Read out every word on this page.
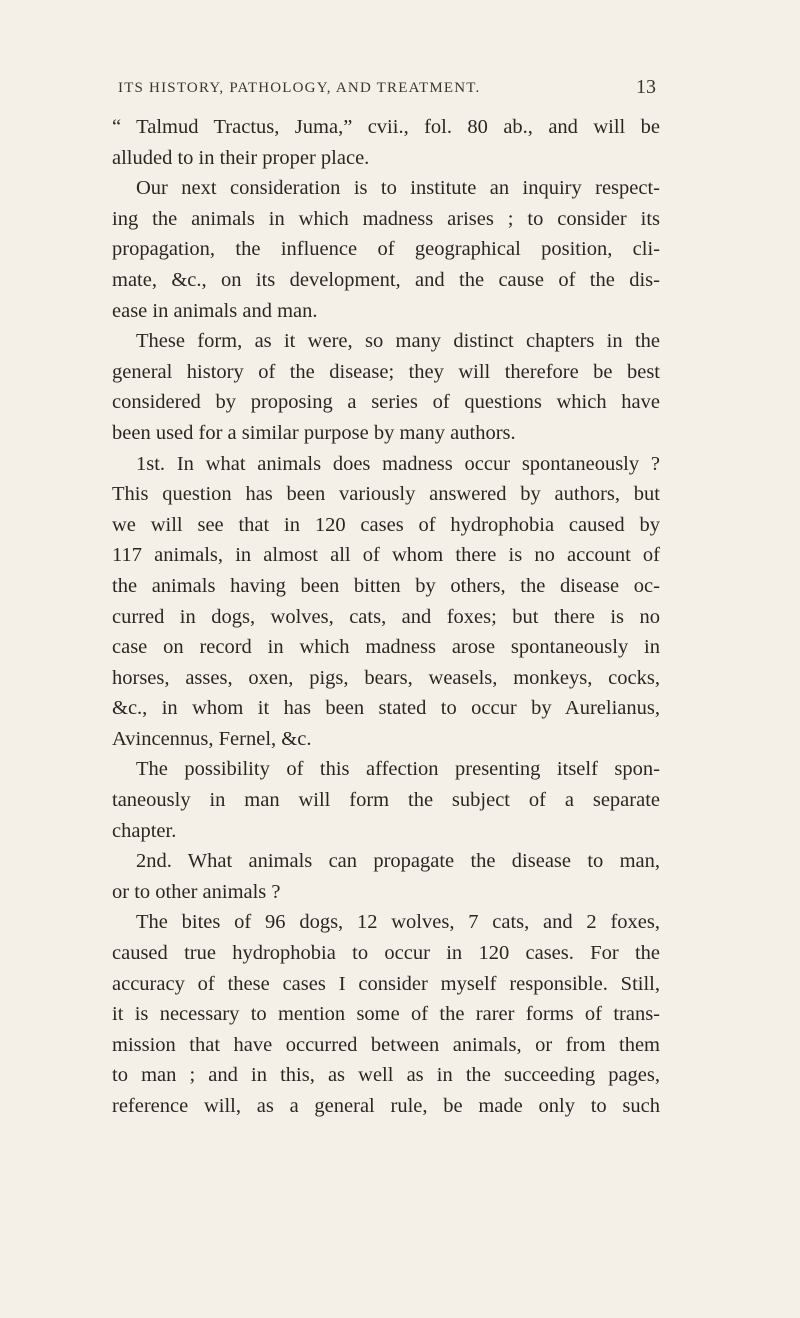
ITS HISTORY, PATHOLOGY, AND TREATMENT.	13
“ Talmud Tractus, Juma,” cvii., fol. 80 ab., and will be
alluded to in their proper place.
Our next consideration is to institute an inquiry respect-
ing the animals in which madness arises ; to consider its
propagation, the influence of geographical position, cli-
mate, &c., on its development, and the cause of the dis-
ease in animals and man.
These form, as it were, so many distinct chapters in the
general history of the disease; they will therefore be best
considered by proposing a series of questions which have
been used for a similar purpose by many authors.
1st. In what animals does madness occur spontaneously ?
This question has been variously answered by authors, but
we will see that in 120 cases of hydrophobia caused by
117 animals, in almost all of whom there is no account of
the animals having been bitten by others, the disease oc-
curred in dogs, wolves, cats, and foxes; but there is no
case on record in which madness arose spontaneously in
horses, asses, oxen, pigs, bears, weasels, monkeys, cocks,
&c., in whom it has been stated to occur by Aurelianus,
Avincennus, Fernel, &c.
The possibility of this affection presenting itself spon-
taneously in man will form the subject of a separate
chapter.
2nd. What animals can propagate the disease to man,
or to other animals ?
The bites of 96 dogs, 12 wolves, 7 cats, and 2 foxes,
caused true hydrophobia to occur in 120 cases. For the
accuracy of these cases I consider myself responsible. Still,
it is necessary to mention some of the rarer forms of trans-
mission that have occurred between animals, or from them
to man ; and in this, as well as in the succeeding pages,
reference will, as a general rule, be made only to such
